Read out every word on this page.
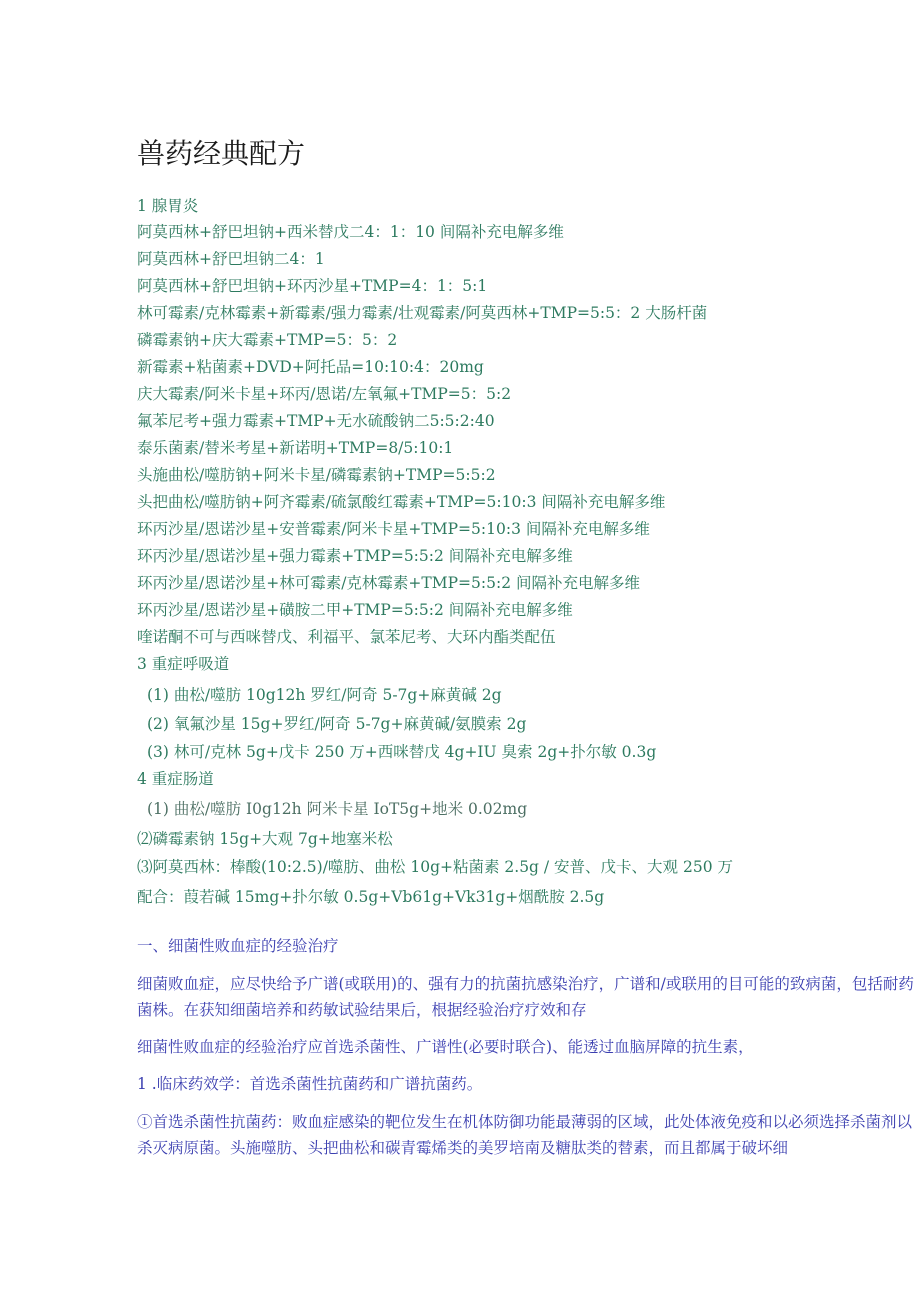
兽药经典配方
1 腺胃炎
阿莫西林+舒巴坦钠+西米替戊二4：1：10 间隔补充电解多维
阿莫西林+舒巴坦钠二4：1
阿莫西林+舒巴坦钠+环丙沙星+TMP=4：1：5:1
林可霉素/克林霉素+新霉素/强力霉素/壮观霉素/阿莫西林+TMP=5:5：2 大肠杆菌
磷霉素钠+庆大霉素+TMP=5：5：2
新霉素+粘菌素+DVD+阿托品=10:10:4：20mg
庆大霉素/阿米卡星+环丙/恩诺/左氧氟+TMP=5：5:2
氟苯尼考+强力霉素+TMP+无水硫酸钠二5:5:2:40
泰乐菌素/替米考星+新诺明+TMP=8/5:10:1
头施曲松/噬肪钠+阿米卡星/磷霉素钠+TMP=5:5:2
头把曲松/噬肪钠+阿齐霉素/硫氯酸红霉素+TMP=5:10:3 间隔补充电解多维
环丙沙星/恩诺沙星+安普霉素/阿米卡星+TMP=5:10:3 间隔补充电解多维
环丙沙星/恩诺沙星+强力霉素+TMP=5:5:2 间隔补充电解多维
环丙沙星/恩诺沙星+林可霉素/克林霉素+TMP=5:5:2 间隔补充电解多维
环丙沙星/恩诺沙星+磺胺二甲+TMP=5:5:2 间隔补充电解多维
喹诺酮不可与西咪替戊、利福平、氯苯尼考、大环内酯类配伍
3 重症呼吸道
(1) 曲松/噬肪 10g12h 罗红/阿奇 5-7g+麻黄碱 2g
(2) 氧氟沙星 15g+罗红/阿奇 5-7g+麻黄碱/氨膜索 2g
(3) 林可/克林 5g+戊卡 250 万+西咪替戊 4g+IU 臭索 2g+扑尔敏 0.3g
4 重症肠道
(1) 曲松/噬肪 I0g12h 阿米卡星 IoT5g+地米 0.02mg
⑵磷霉素钠 15g+大观 7g+地塞米松
⑶阿莫西林：棒酸(10:2.5)/噬肪、曲松 10g+粘菌素 2.5g / 安普、戊卡、大观 250 万
配合：葭若碱 15mg+扑尔敏 0.5g+Vb61g+Vk31g+烟酰胺 2.5g
一、细菌性败血症的经验治疗
细菌败血症，应尽快给予广谱(或联用)的、强有力的抗菌抗感染治疗，广谱和/或联用的目可能的致病菌，包括耐药菌株。在获知细菌培养和药敏试验结果后，根据经验治疗疗效和存
细菌性败血症的经验治疗应首选杀菌性、广谱性(必要时联合)、能透过血脑屏障的抗生素，
1 .临床药效学：首选杀菌性抗菌药和广谱抗菌药。
①首选杀菌性抗菌药：败血症感染的靶位发生在机体防御功能最薄弱的区域，此处体液免疫和以必须选择杀菌剂以杀灭病原菌。头施噬肪、头把曲松和碳青霉烯类的美罗培南及糖肽类的替素，而且都属于破坏细
